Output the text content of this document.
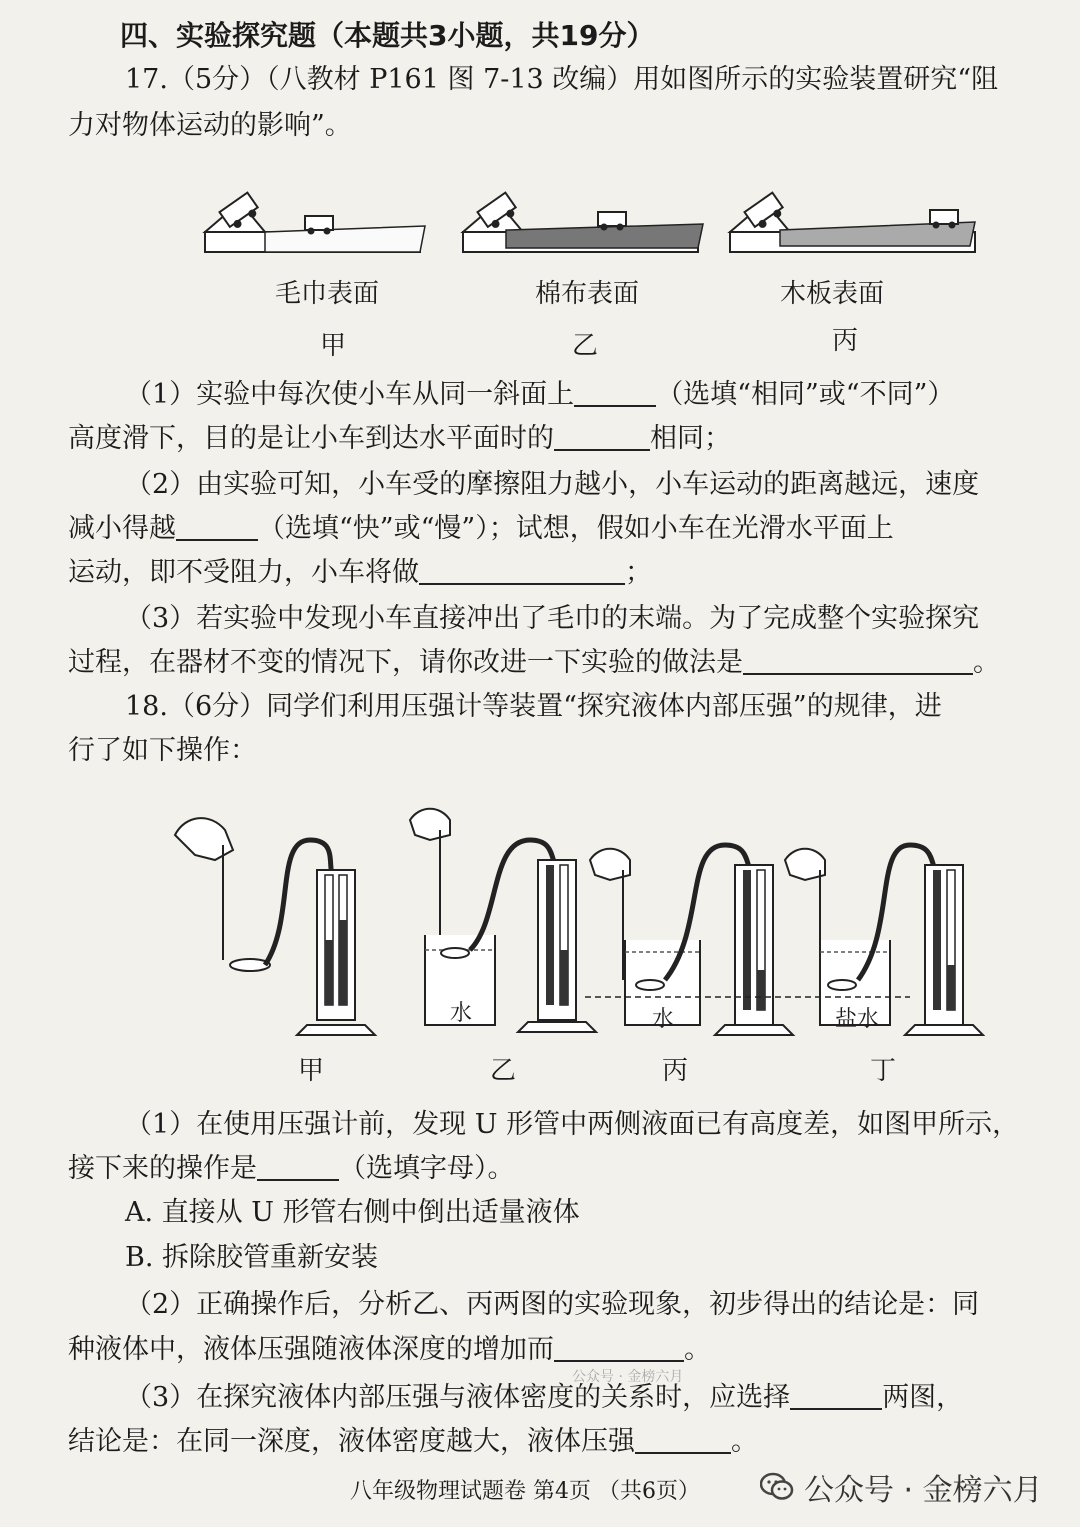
四、实验探究题（本题共3小题，共19分）
17.（5分）（八教材 P161 图 7-13 改编）用如图所示的实验装置研究“阻
力对物体运动的影响”。
毛巾表面	棉布表面	木板表面
甲	乙	丙
（1）实验中每次使小车从同一斜面上	（选填“相同”或“不同”）
高度滑下，目的是让小车到达水平面时的	相同；
（2）由实验可知，小车受的摩擦阻力越小，小车运动的距离越远，速度
减小得越	（选填“快”或“慢”）；试想，假如小车在光滑水平面上
运动，即不受阻力，小车将做	；
（3）若实验中发现小车直接冲出了毛巾的末端。为了完成整个实验探究
过程，在器材不变的情况下，请你改进一下实验的做法是	。
18.（6分）同学们利用压强计等装置“探究液体内部压强”的规律，进
行了如下操作：
水	水	盐水
甲	乙	丙	丁
（1）在使用压强计前，发现 U 形管中两侧液面已有高度差，如图甲所示，
接下来的操作是	（选填字母）。
A. 直接从 U 形管右侧中倒出适量液体
B. 拆除胶管重新安装
（2）正确操作后，分析乙、丙两图的实验现象，初步得出的结论是：同
种液体中，液体压强随液体深度的增加而	。
公众号 · 金榜六月
（3）在探究液体内部压强与液体密度的关系时，应选择	两图，
结论是：在同一深度，液体密度越大，液体压强	。
八年级物理试题卷 第4页 （共6页）	公众号 · 金榜六月
